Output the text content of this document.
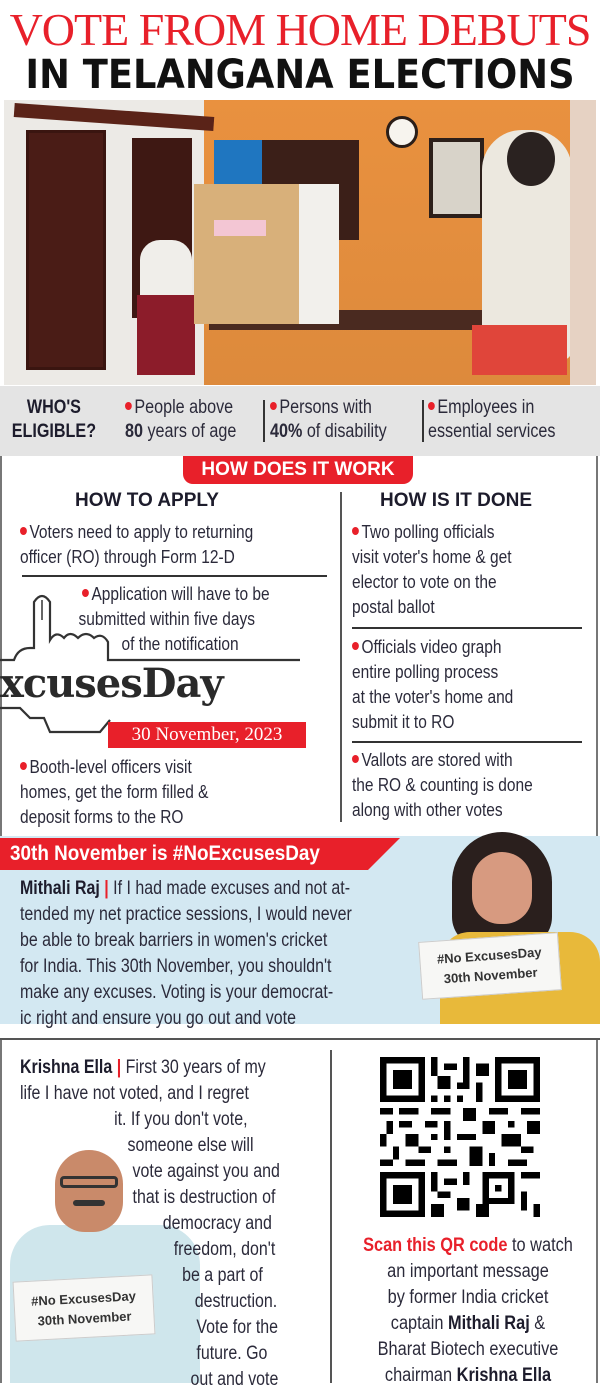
VOTE FROM HOME DEBUTS
IN TELANGANA ELECTIONS
WHO'S
ELIGIBLE?
People above
80 years of age
Persons with
40% of disability
Employees in
essential services
HOW DOES IT WORK
HOW TO APPLY
Voters need to apply to returning
officer (RO) through Form 12-D
Application will have to be
submitted within five days
of the notification
xcusesDay
30 November, 2023
Booth-level officers visit
homes, get the form filled &
deposit forms to the RO
HOW IS IT DONE
Two polling officials
visit voter's home & get
elector to vote on the
postal ballot
Officials video graph
entire polling process
at the voter's home and
submit it to RO
Vallots are stored with
the RO & counting is done
along with other votes
30th November is #NoExcusesDay
#No ExcusesDay
30th November
Mithali Raj | If I had made excuses and not at-
tended my net practice sessions, I would never
be able to break barriers in women's cricket
for India. This 30th November, you shouldn't
make any excuses. Voting is your democrat-
ic right and ensure you go out and vote
#No ExcusesDay
30th November
Krishna Ella | First 30 years of my
life I have not voted, and I regret
it. If you don't vote,
someone else will
vote against you and
that is destruction of
democracy and
freedom, don't
be a part of
destruction.
Vote for the
future. Go
out and vote
Scan this QR code to watch
an important message
by former India cricket
captain Mithali Raj &
Bharat Biotech executive
chairman Krishna Ella
